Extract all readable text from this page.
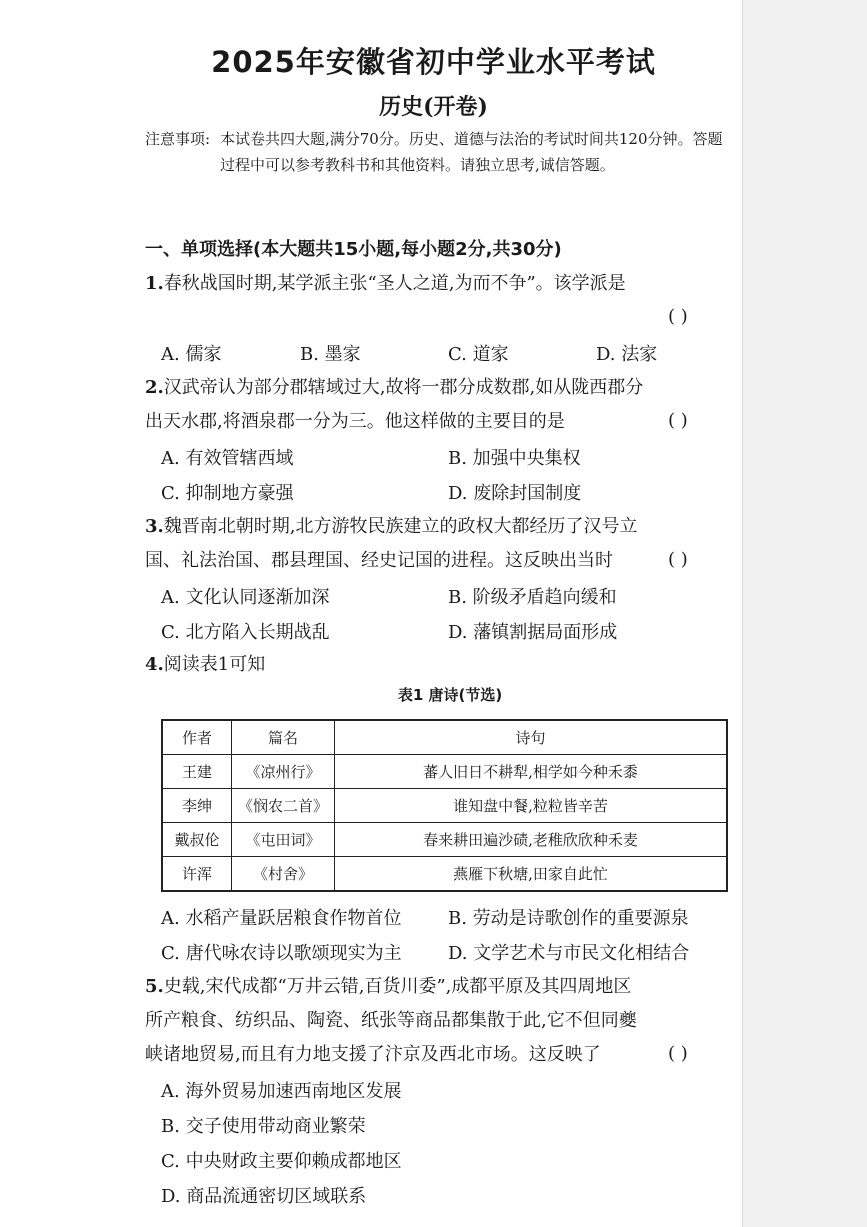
2025年安徽省初中学业水平考试
历史(开卷)
注意事项: 本试卷共四大题,满分70分。历史、道德与法治的考试时间共120分钟。答题过程中可以参考教科书和其他资料。请独立思考,诚信答题。
一、单项选择(本大题共15小题,每小题2分,共30分)
1.春秋战国时期,某学派主张“圣人之道,为而不争”。该学派是
( )
A. 儒家	B. 墨家	C. 道家	D. 法家
2.汉武帝认为部分郡辖域过大,故将一郡分成数郡,如从陇西郡分出天水郡,将酒泉郡一分为三。他这样做的主要目的是	( )
A. 有效管辖西域	B. 加强中央集权
C. 抑制地方豪强	D. 废除封国制度
3.魏晋南北朝时期,北方游牧民族建立的政权大都经历了汉号立国、礼法治国、郡县理国、经史记国的进程。这反映出当时	( )
A. 文化认同逐渐加深	B. 阶级矛盾趋向缓和
C. 北方陷入长期战乱	D. 藩镇割据局面形成
4.阅读表1可知
表1 唐诗(节选)
作者	篇名	诗句
王建	《凉州行》	蕃人旧日不耕犁,相学如今种禾黍
李绅	《悯农二首》	谁知盘中餐,粒粒皆辛苦
戴叔伦	《屯田词》	春来耕田遍沙碛,老稚欣欣种禾麦
许浑	《村舍》	燕雁下秋塘,田家自此忙
A. 水稻产量跃居粮食作物首位	B. 劳动是诗歌创作的重要源泉
C. 唐代咏农诗以歌颂现实为主	D. 文学艺术与市民文化相结合
5.史载,宋代成都“万井云错,百货川委”,成都平原及其四周地区所产粮食、纺织品、陶瓷、纸张等商品都集散于此,它不但同夔峡诸地贸易,而且有力地支援了汴京及西北市场。这反映了	( )
A. 海外贸易加速西南地区发展
B. 交子使用带动商业繁荣
C. 中央财政主要仰赖成都地区
D. 商品流通密切区域联系
